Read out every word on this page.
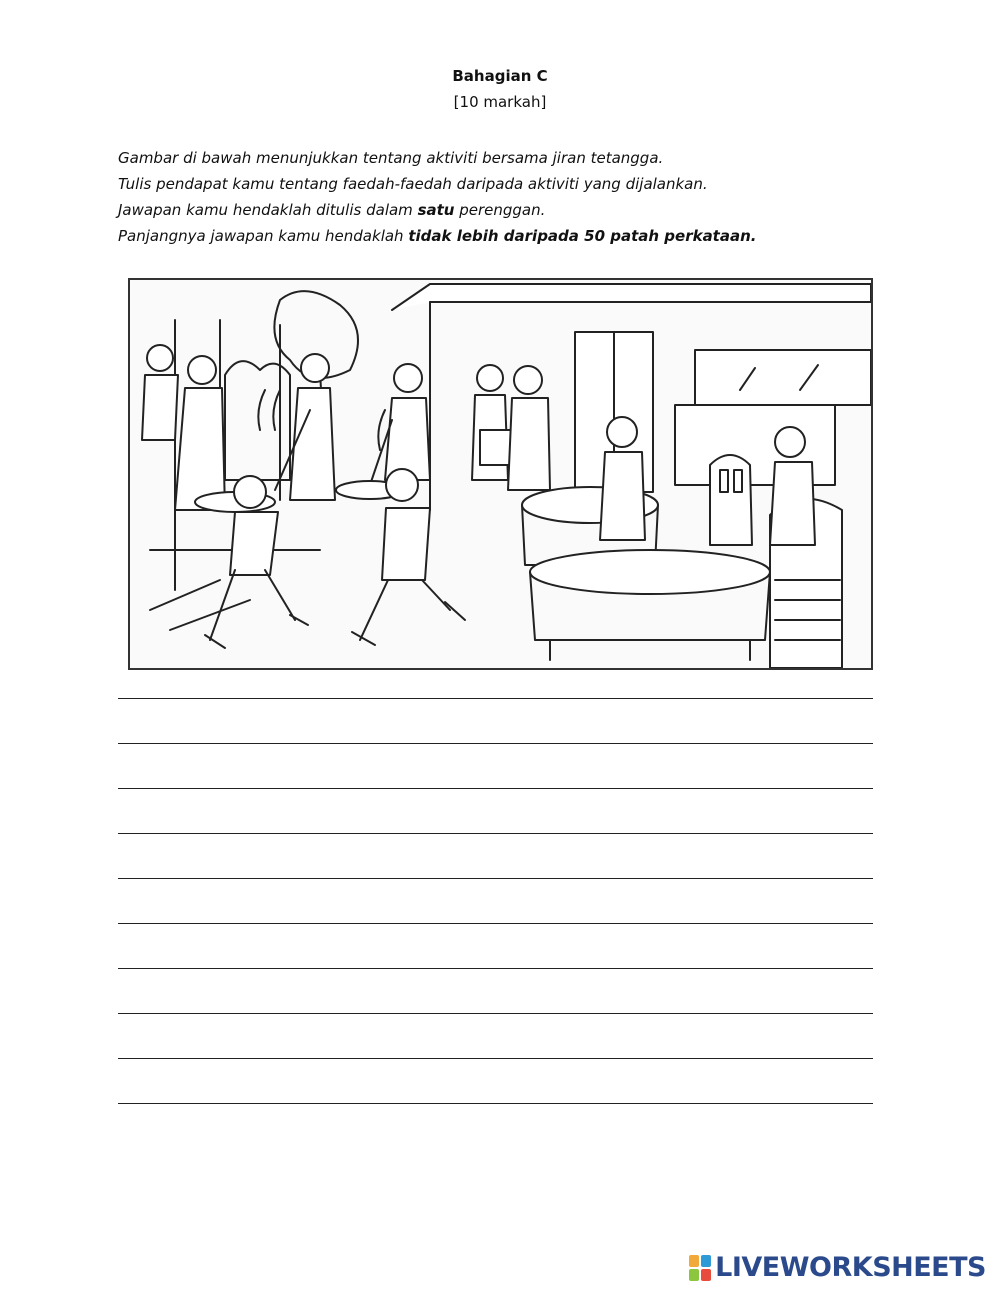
Bahagian C
[10 markah]
Gambar di bawah menunjukkan tentang aktiviti bersama jiran tetangga.
Tulis pendapat kamu tentang faedah-faedah daripada aktiviti yang dijalankan.
Jawapan kamu hendaklah ditulis dalam satu perenggan.
Panjangnya jawapan kamu hendaklah tidak lebih daripada 50 patah perkataan.
LIVEWORKSHEETS
